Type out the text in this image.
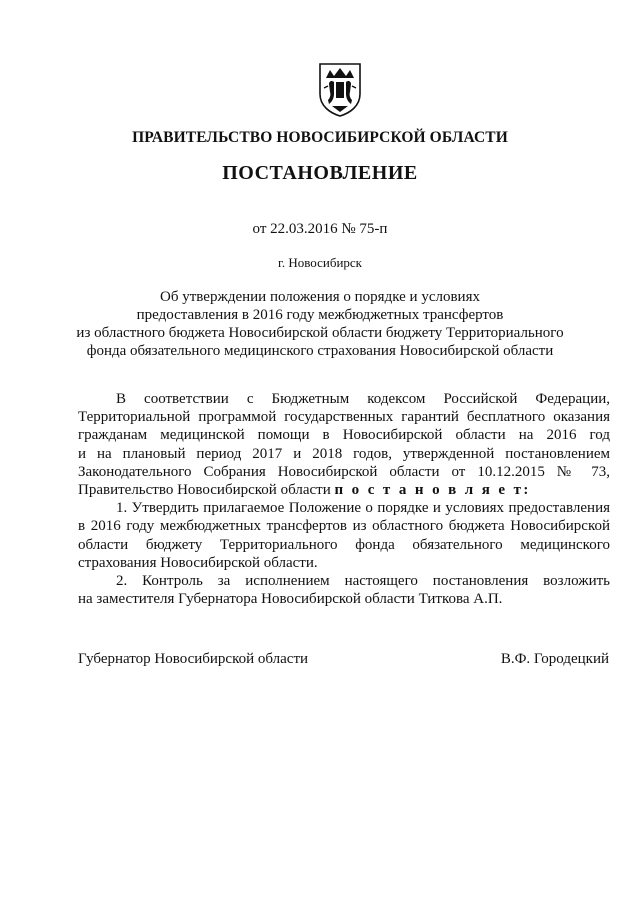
ПРАВИТЕЛЬСТВО НОВОСИБИРСКОЙ ОБЛАСТИ
ПОСТАНОВЛЕНИЕ
от 22.03.2016 № 75-п
г. Новосибирск
Об утверждении положения о порядке и условиях
предоставления в 2016 году межбюджетных трансфертов
из областного бюджета Новосибирской области бюджету Территориального
фонда обязательного медицинского страхования Новосибирской области
В соответствии с Бюджетным кодексом Российской Федерации,
Территориальной программой государственных гарантий бесплатного оказания
гражданам медицинской помощи в Новосибирской области на 2016 год
и на плановый период 2017 и 2018 годов, утвержденной постановлением
Законодательного Собрания Новосибирской области от 10.12.2015 № 73,
Правительство Новосибирской области п о с т а н о в л я е т:
1. Утвердить прилагаемое Положение о порядке и условиях предоставления
в 2016 году межбюджетных трансфертов из областного бюджета Новосибирской
области бюджету Территориального фонда обязательного медицинского
страхования Новосибирской области.
2. Контроль за исполнением настоящего постановления возложить
на заместителя Губернатора Новосибирской области Титкова А.П.
Губернатор Новосибирской области	В.Ф. Городецкий
